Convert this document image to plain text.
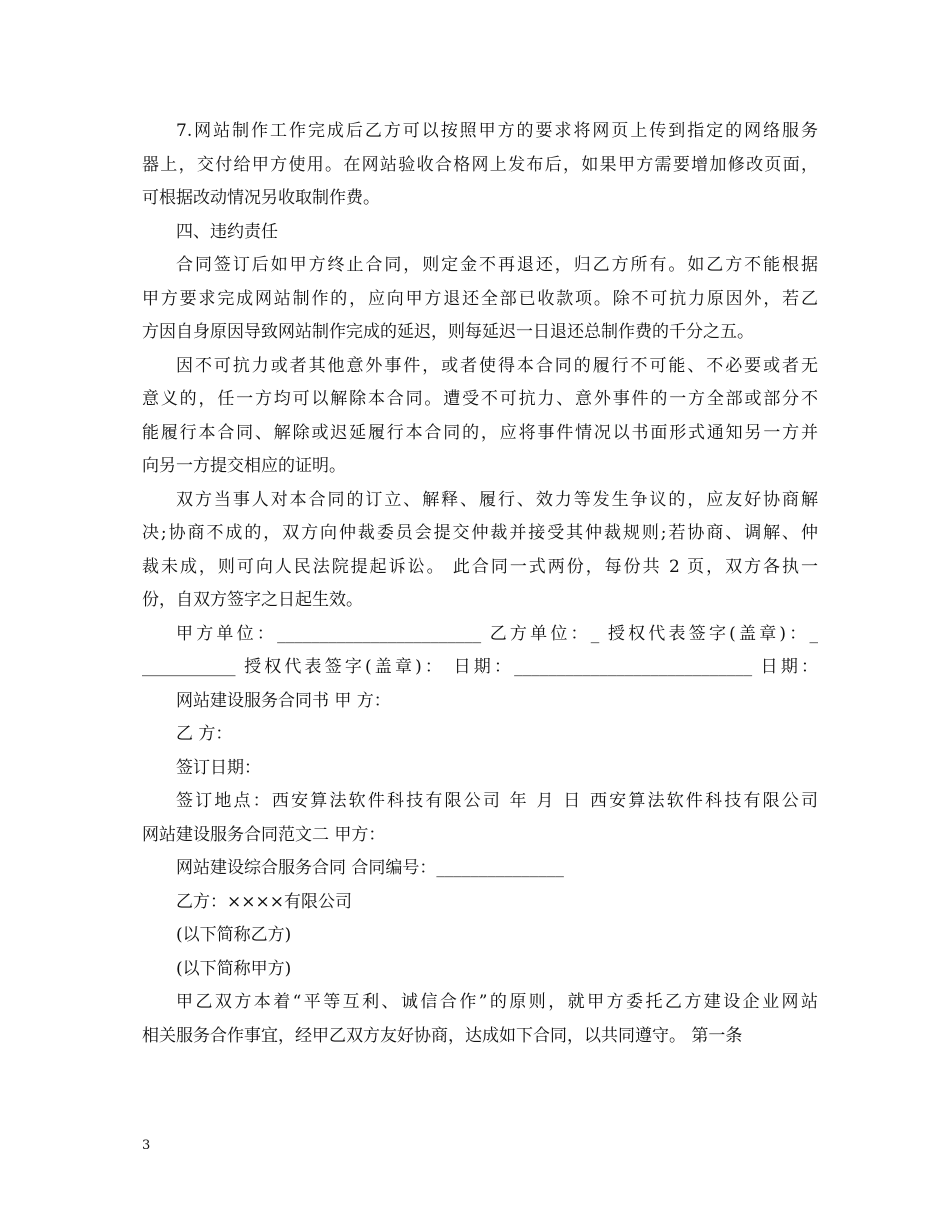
7.网站制作工作完成后乙方可以按照甲方的要求将网页上传到指定的网络服务
器上，交付给甲方使用。在网站验收合格网上发布后，如果甲方需要增加修改页面，
可根据改动情况另收取制作费。
四、违约责任
合同签订后如甲方终止合同，则定金不再退还，归乙方所有。如乙方不能根据
甲方要求完成网站制作的，应向甲方退还全部已收款项。除不可抗力原因外，若乙
方因自身原因导致网站制作完成的延迟，则每延迟一日退还总制作费的千分之五。
因不可抗力或者其他意外事件，或者使得本合同的履行不可能、不必要或者无
意义的，任一方均可以解除本合同。遭受不可抗力、意外事件的一方全部或部分不
能履行本合同、解除或迟延履行本合同的，应将事件情况以书面形式通知另一方并
向另一方提交相应的证明。
双方当事人对本合同的订立、解释、履行、效力等发生争议的，应友好协商解
决;协商不成的，双方向仲裁委员会提交仲裁并接受其仲裁规则;若协商、调解、仲
裁未成，则可向人民法院提起诉讼。 此合同一式两份，每份共 2 页，双方各执一
份，自双方签字之日起生效。
甲方单位：________________________ 乙方单位：_ 授权代表签字(盖章)：_
___________ 授权代表签字(盖章)： 日期：____________________________ 日期：
网站建设服务合同书 甲 方：
乙 方：
签订日期：
签订地点：西安算法软件科技有限公司 年 月 日 西安算法软件科技有限公司
网站建设服务合同范文二 甲方：
网站建设综合服务合同 合同编号：_______________
乙方：××××有限公司
(以下简称乙方)
(以下简称甲方)
甲乙双方本着“平等互利、诚信合作”的原则，就甲方委托乙方建设企业网站
相关服务合作事宜，经甲乙双方友好协商，达成如下合同，以共同遵守。 第一条
3
